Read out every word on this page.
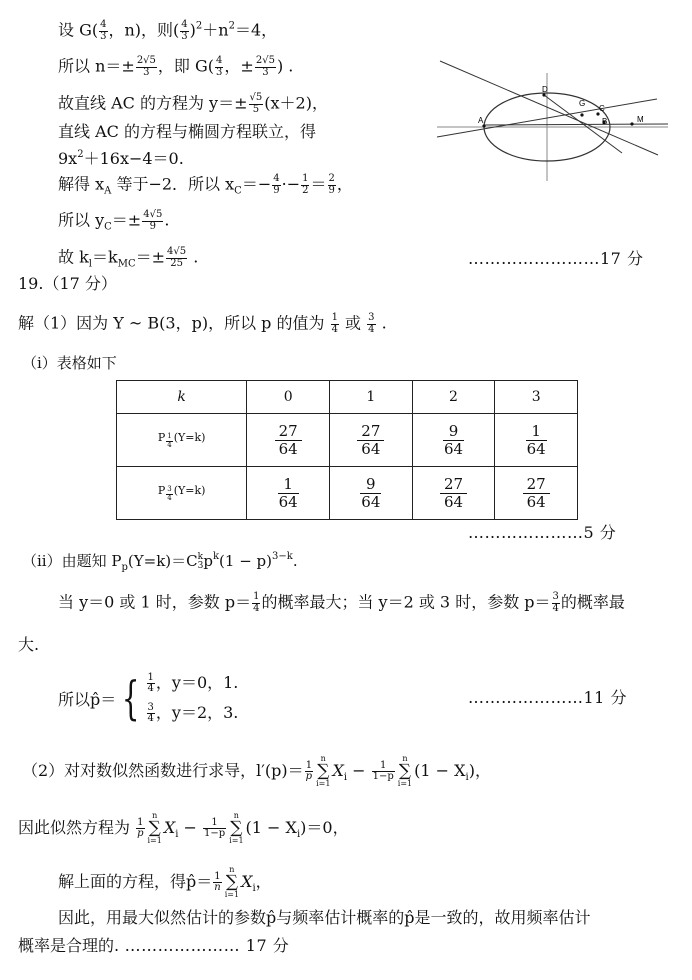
设 $G( \frac{4}{3}$ ，n)，则( $\frac{4}{3} )^2+n^2=4$，
所以 $n=\pm \frac{2√5}{3}$ ，即 $G( \frac{4}{3}$ ，± $\frac{2√5}{3}$ ) .
故直线 AC 的方程为 $y=\pm \frac{√5}{5} (x+2)$，
直线 AC 的方程与椭圆方程联立，得
$9x^2+16x-4=0$.
解得 $x_A$ 等于−2．所以 $x_C=- \frac{4}{9} \cdot- \frac{1}{2} = \frac{2}{9}$ ，
所以 $y_C=\pm \frac{4√5}{9}$ .
故 $k_l=k_{MC}=\pm \frac{4√5}{25}$ .	……………………17 分
A
D
G
C
B	M
19.（17 分）
解（1）因为 Y ~ B(3，p)，所以 p 的值为 $\frac{1}{4}$ 或 $\frac{3}{4}$ .
（i）表格如下
k	0	1	2	3
P $\frac{1}{4} (Y=k)$	$\frac{27}{64}$	$\frac{27}{64}$	$\frac{9}{64}$	$\frac{1}{64}$

P $\frac{3}{4} (Y=k)$	$\frac{1}{64}$	$\frac{9}{64}$	$\frac{27}{64}$	$\frac{27}{64}$
…………………5 分
（ii）由题知 $P_p(Y=k)=C$ k
3 $p^k(1 - p)^{3-k}$.
当 y＝0 或 1 时，参数 $p= \frac{1}{4}$ 的概率最大；当 y＝2 或 3 时，参数 $p= \frac{3}{4}$ 的概率最
大.
所以p̂＝ { $\frac{1}{4}$ ，y＝0，1.
$\frac{3}{4}$ ，y＝2，3.
…………………11 分
（2）对对数似然函数进行求导，$l'(p)= \frac{1}{p}$
n
∑
$i=1X_i - \frac{1}{1-p}$
n
∑
$i=1(1 - X_i)$，
因此似然方程为 $\frac{1}{p}$
n
∑
$i=1X_i - \frac{1}{1-p}$
n
∑
$i=1(1 - X_i)=0$，
解上面的方程，得p̂＝ $\frac{1}{n}$
n
∑
$i=1X_i$，
因此，用最大似然估计的参数p̂与频率估计概率的p̂是一致的，故用频率估计
概率是合理的. ………………… 17 分
